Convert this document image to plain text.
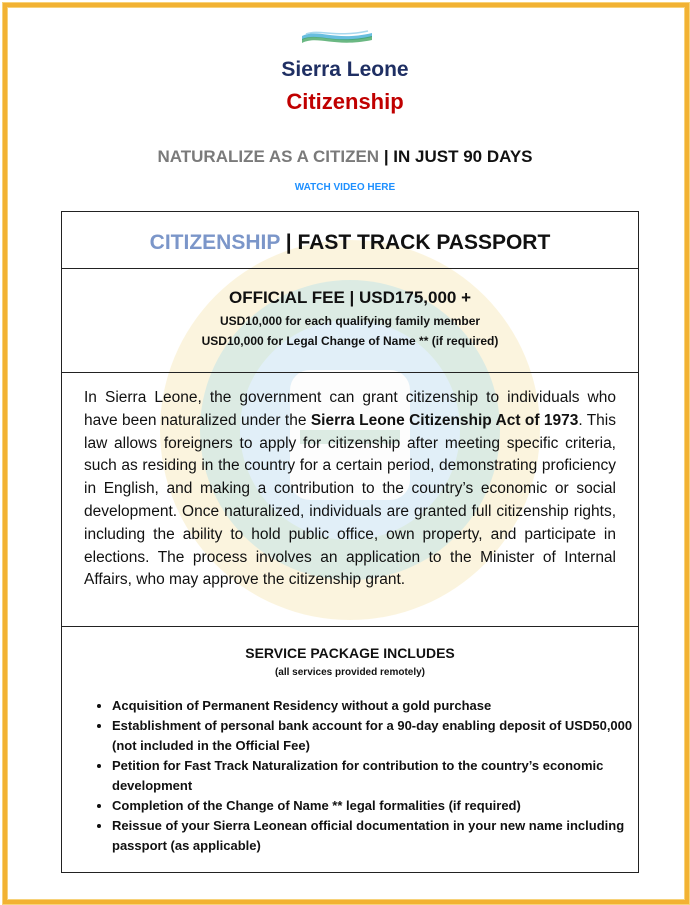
Sierra Leone
Citizenship
NATURALIZE AS A CITIZEN | IN JUST 90 DAYS
WATCH VIDEO HERE
CITIZENSHIP | FAST TRACK PASSPORT
OFFICIAL FEE | USD175,000 +
USD10,000 for each qualifying family member
USD10,000 for Legal Change of Name ** (if required)
In Sierra Leone, the government can grant citizenship to individuals who have been naturalized under the Sierra Leone Citizenship Act of 1973. This law allows foreigners to apply for citizenship after meeting specific criteria, such as residing in the country for a certain period, demonstrating proficiency in English, and making a contribution to the country’s economic or social development. Once naturalized, individuals are granted full citizenship rights, including the ability to hold public office, own property, and participate in elections. The process involves an application to the Minister of Internal Affairs, who may approve the citizenship grant.
SERVICE PACKAGE INCLUDES
(all services provided remotely)
• Acquisition of Permanent Residency without a gold purchase
• Establishment of personal bank account for a 90-day enabling deposit of USD50,000 (not included in the Official Fee)
• Petition for Fast Track Naturalization for contribution to the country’s economic development
• Completion of the Change of Name ** legal formalities (if required)
• Reissue of your Sierra Leonean official documentation in your new name including passport (as applicable)
